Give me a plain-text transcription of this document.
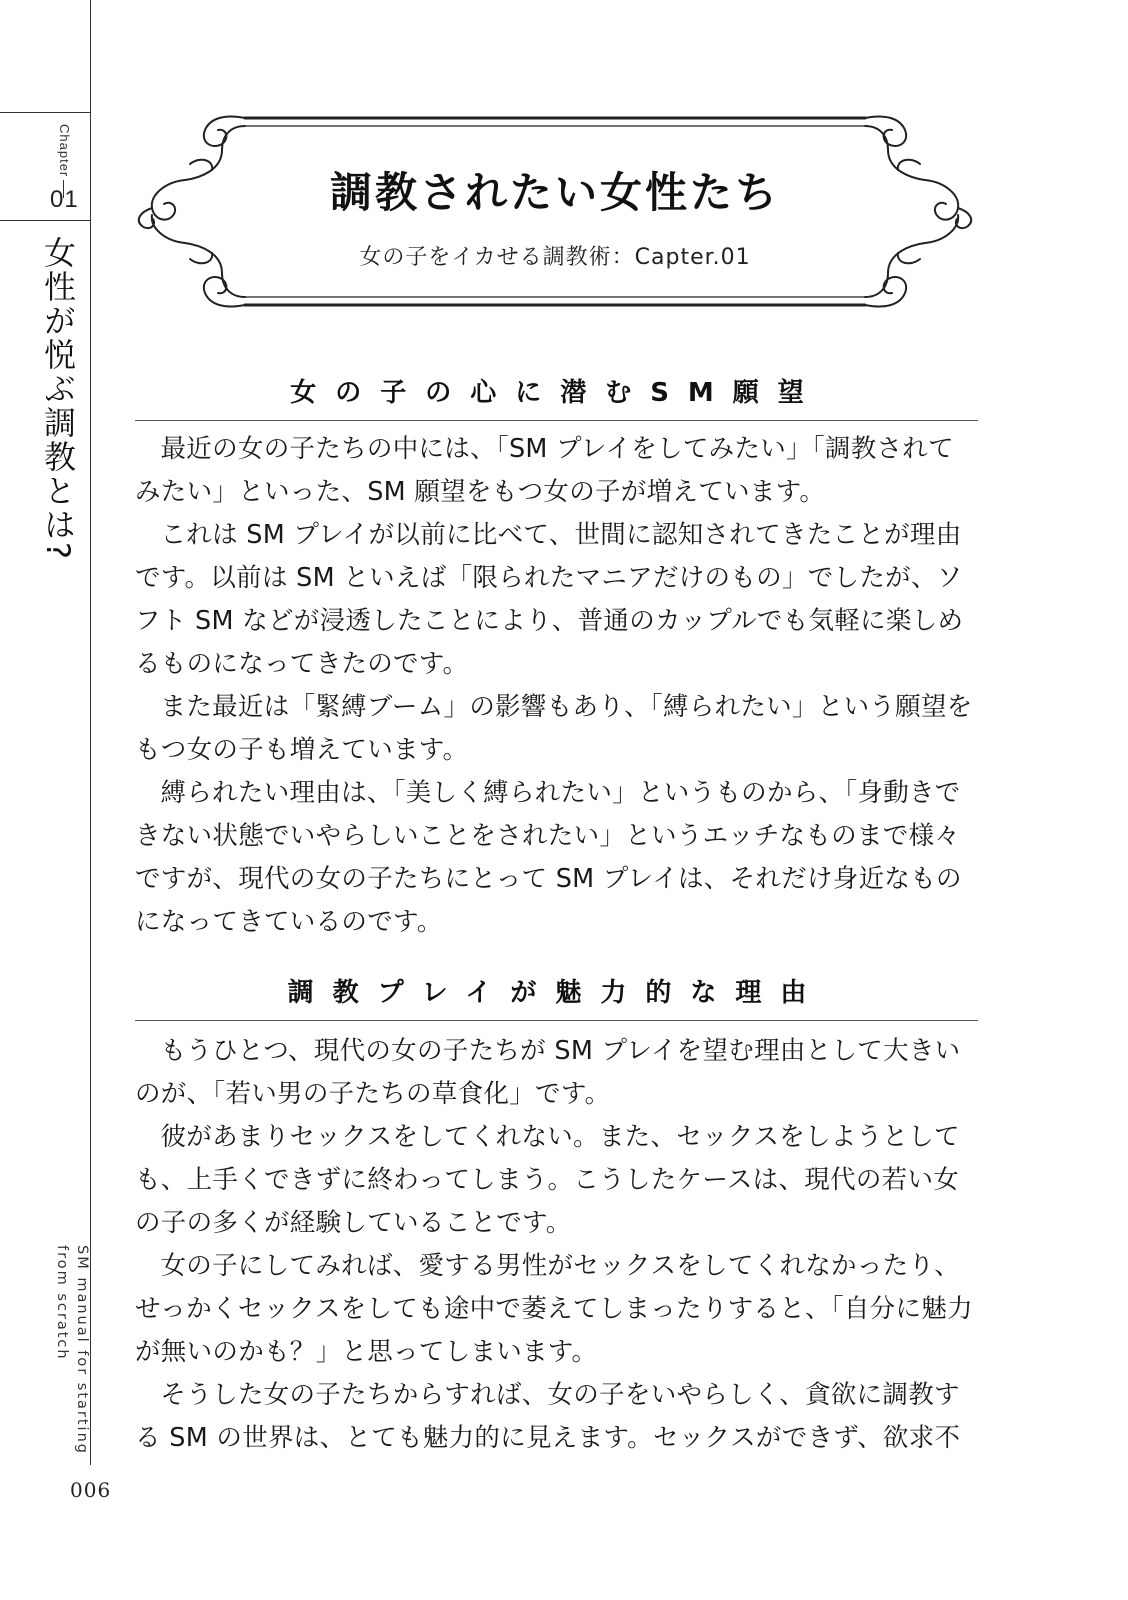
Chapter
01
女性が悦ぶ調教とは?
SM manual for starting
from scratch
006
調教されたい女性たち
女の子をイカせる調教術：Capter.01
女の子の心に潜むSM願望

最近の女の子たちの中には、「SM プレイをしてみたい」「調教されてみたい」といった、SM 願望をもつ女の子が増えています。

これは SM プレイが以前に比べて、世間に認知されてきたことが理由です。以前は SM といえば「限られたマニアだけのもの」でしたが、ソフト SM などが浸透したことにより、普通のカップルでも気軽に楽しめるものになってきたのです。

また最近は「緊縛ブーム」の影響もあり、「縛られたい」という願望をもつ女の子も増えています。

縛られたい理由は、「美しく縛られたい」というものから、「身動きできない状態でいやらしいことをされたい」というエッチなものまで様々ですが、現代の女の子たちにとって SM プレイは、それだけ身近なものになってきているのです。

調教プレイが魅力的な理由

もうひとつ、現代の女の子たちが SM プレイを望む理由として大きいのが、「若い男の子たちの草食化」です。

彼があまりセックスをしてくれない。また、セックスをしようとしても、上手くできずに終わってしまう。こうしたケースは、現代の若い女の子の多くが経験していることです。

女の子にしてみれば、愛する男性がセックスをしてくれなかったり、せっかくセックスをしても途中で萎えてしまったりすると、「自分に魅力が無いのかも？」と思ってしまいます。

そうした女の子たちからすれば、女の子をいやらしく、貪欲に調教する SM の世界は、とても魅力的に見えます。セックスができず、欲求不
